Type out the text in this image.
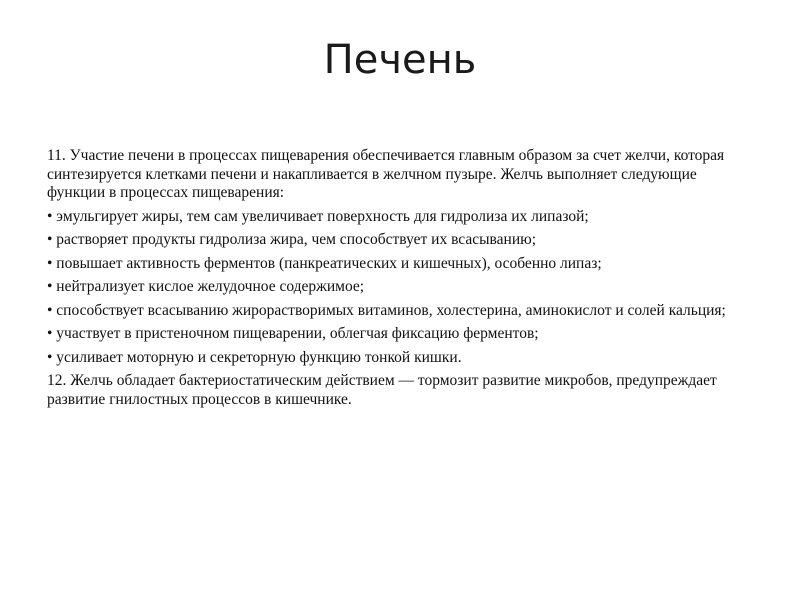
Печень

11. Участие печени в процессах пищеварения обеспечивается главным образом за счет желчи, которая синтезируется клетками печени и накапливается в желчном пузыре. Желчь выполняет следующие функции в процессах пищеварения:

• эмульгирует жиры, тем сам увеличивает поверхность для гидролиза их липазой;

• растворяет продукты гидролиза жира, чем способствует их всасыванию;

• повышает активность ферментов (панкреатических и кишечных), особенно липаз;

• нейтрализует кислое желудочное содержимое;

• способствует всасыванию жирорастворимых витаминов, холестерина, аминокислот и солей кальция;

• участвует в пристеночном пищеварении, облегчая фиксацию ферментов;

• усиливает моторную и секреторную функцию тонкой кишки.

12. Желчь обладает бактериостатическим действием — тормозит развитие микробов, предупреждает развитие гнилостных процессов в кишечнике.
